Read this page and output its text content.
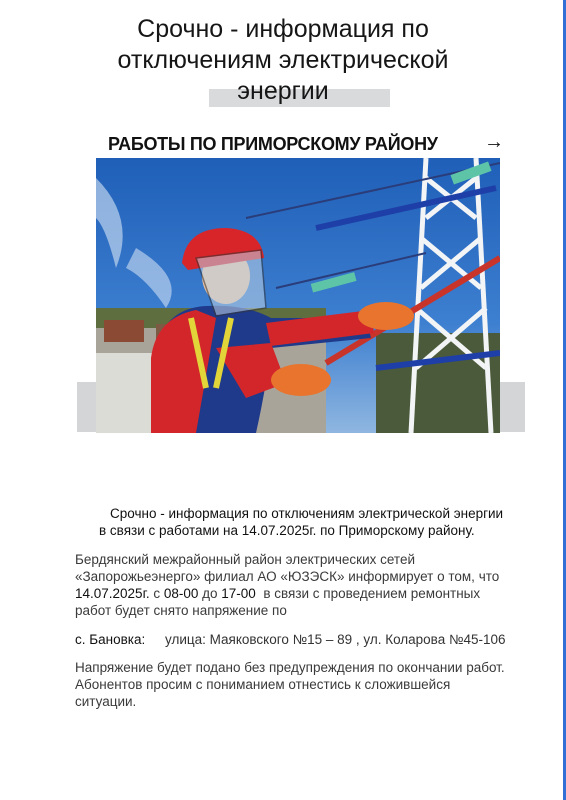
Срочно - информация по
отключениям электрической
энергии
РАБОТЫ ПО ПРИМОРСКОМУ РАЙОНУ →
Срочно - информация по отключениям электрической энергии
в связи с работами на 14.07.2025г. по Приморскому району.
Бердянский межрайонный район электрических сетей
«Запорожьеэнерго» филиал АО «ЮЗЭСК» информирует о том, что
14.07.2025г. с 08-00 до 17-00  в связи с проведением ремонтных
работ будет снято напряжение по
с. Бановка: улица: Маяковского №15 – 89 , ул. Коларова №45-106
Напряжение будет подано без предупреждения по окончании работ.
Абонентов просим с пониманием отнестись к сложившейся
ситуации.
